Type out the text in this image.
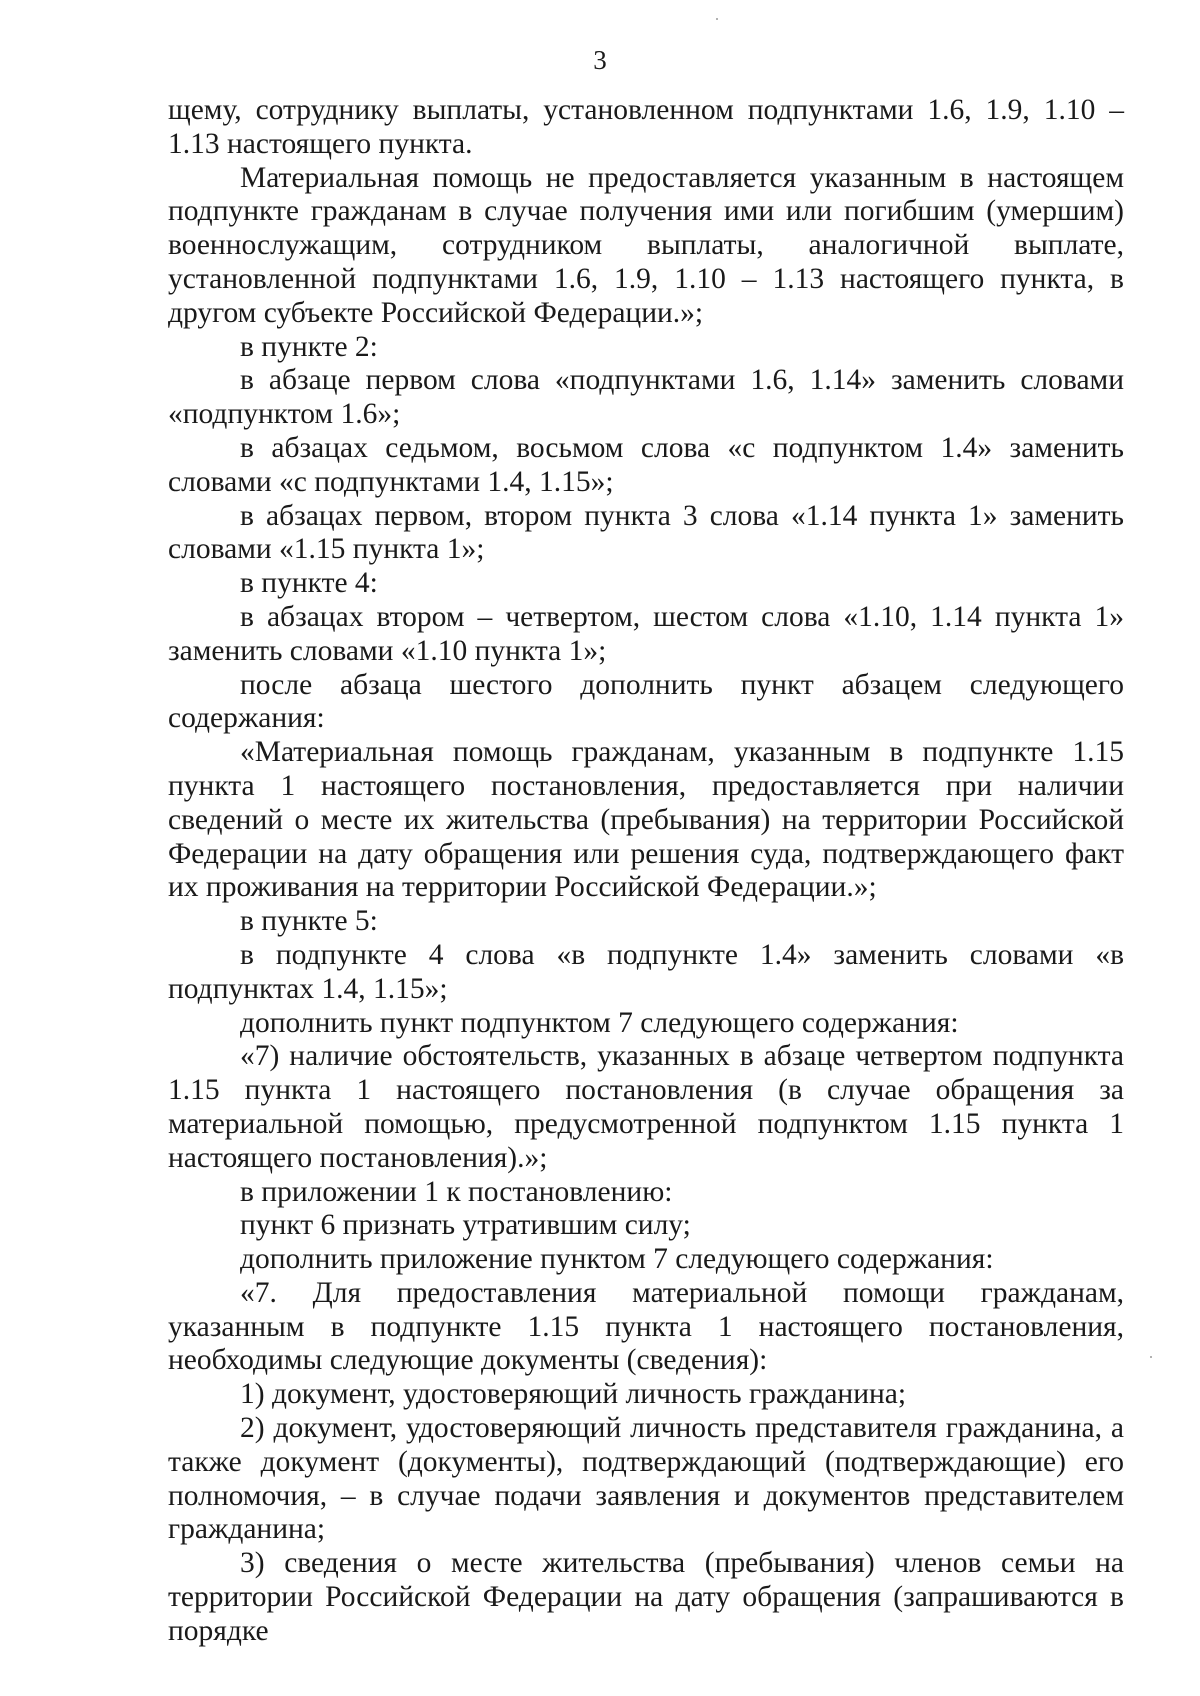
3

щему, сотруднику выплаты, установленном подпунктами 1.6, 1.9, 1.10 – 1.13 настоящего пункта.

Материальная помощь не предоставляется указанным в настоящем подпункте гражданам в случае получения ими или погибшим (умершим) военнослужащим, сотрудником выплаты, аналогичной выплате, установленной подпунктами 1.6, 1.9, 1.10 – 1.13 настоящего пункта, в другом субъекте Российской Федерации.»;

в пункте 2:

в абзаце первом слова «подпунктами 1.6, 1.14» заменить словами «подпунктом 1.6»;

в абзацах седьмом, восьмом слова «с подпунктом 1.4» заменить словами «с подпунктами 1.4, 1.15»;

в абзацах первом, втором пункта 3 слова «1.14 пункта 1» заменить словами «1.15 пункта 1»;

в пункте 4:

в абзацах втором – четвертом, шестом слова «1.10, 1.14 пункта 1» заменить словами «1.10 пункта 1»;

после абзаца шестого дополнить пункт абзацем следующего содержания:

«Материальная помощь гражданам, указанным в подпункте 1.15 пункта 1 настоящего постановления, предоставляется при наличии сведений о месте их жительства (пребывания) на территории Российской Федерации на дату обращения или решения суда, подтверждающего факт их проживания на территории Российской Федерации.»;

в пункте 5:

в подпункте 4 слова «в подпункте 1.4» заменить словами «в подпунктах 1.4, 1.15»;

дополнить пункт подпунктом 7 следующего содержания:

«7) наличие обстоятельств, указанных в абзаце четвертом подпункта 1.15 пункта 1 настоящего постановления (в случае обращения за материальной помощью, предусмотренной подпунктом 1.15 пункта 1 настоящего постановления).»;

в приложении 1 к постановлению:

пункт 6 признать утратившим силу;

дополнить приложение пунктом 7 следующего содержания:

«7. Для предоставления материальной помощи гражданам, указанным в подпункте 1.15 пункта 1 настоящего постановления, необходимы следующие документы (сведения):

1) документ, удостоверяющий личность гражданина;

2) документ, удостоверяющий личность представителя гражданина, а также документ (документы), подтверждающий (подтверждающие) его полномочия, – в случае подачи заявления и документов представителем гражданина;

3) сведения о месте жительства (пребывания) членов семьи на территории Российской Федерации на дату обращения (запрашиваются в порядке
